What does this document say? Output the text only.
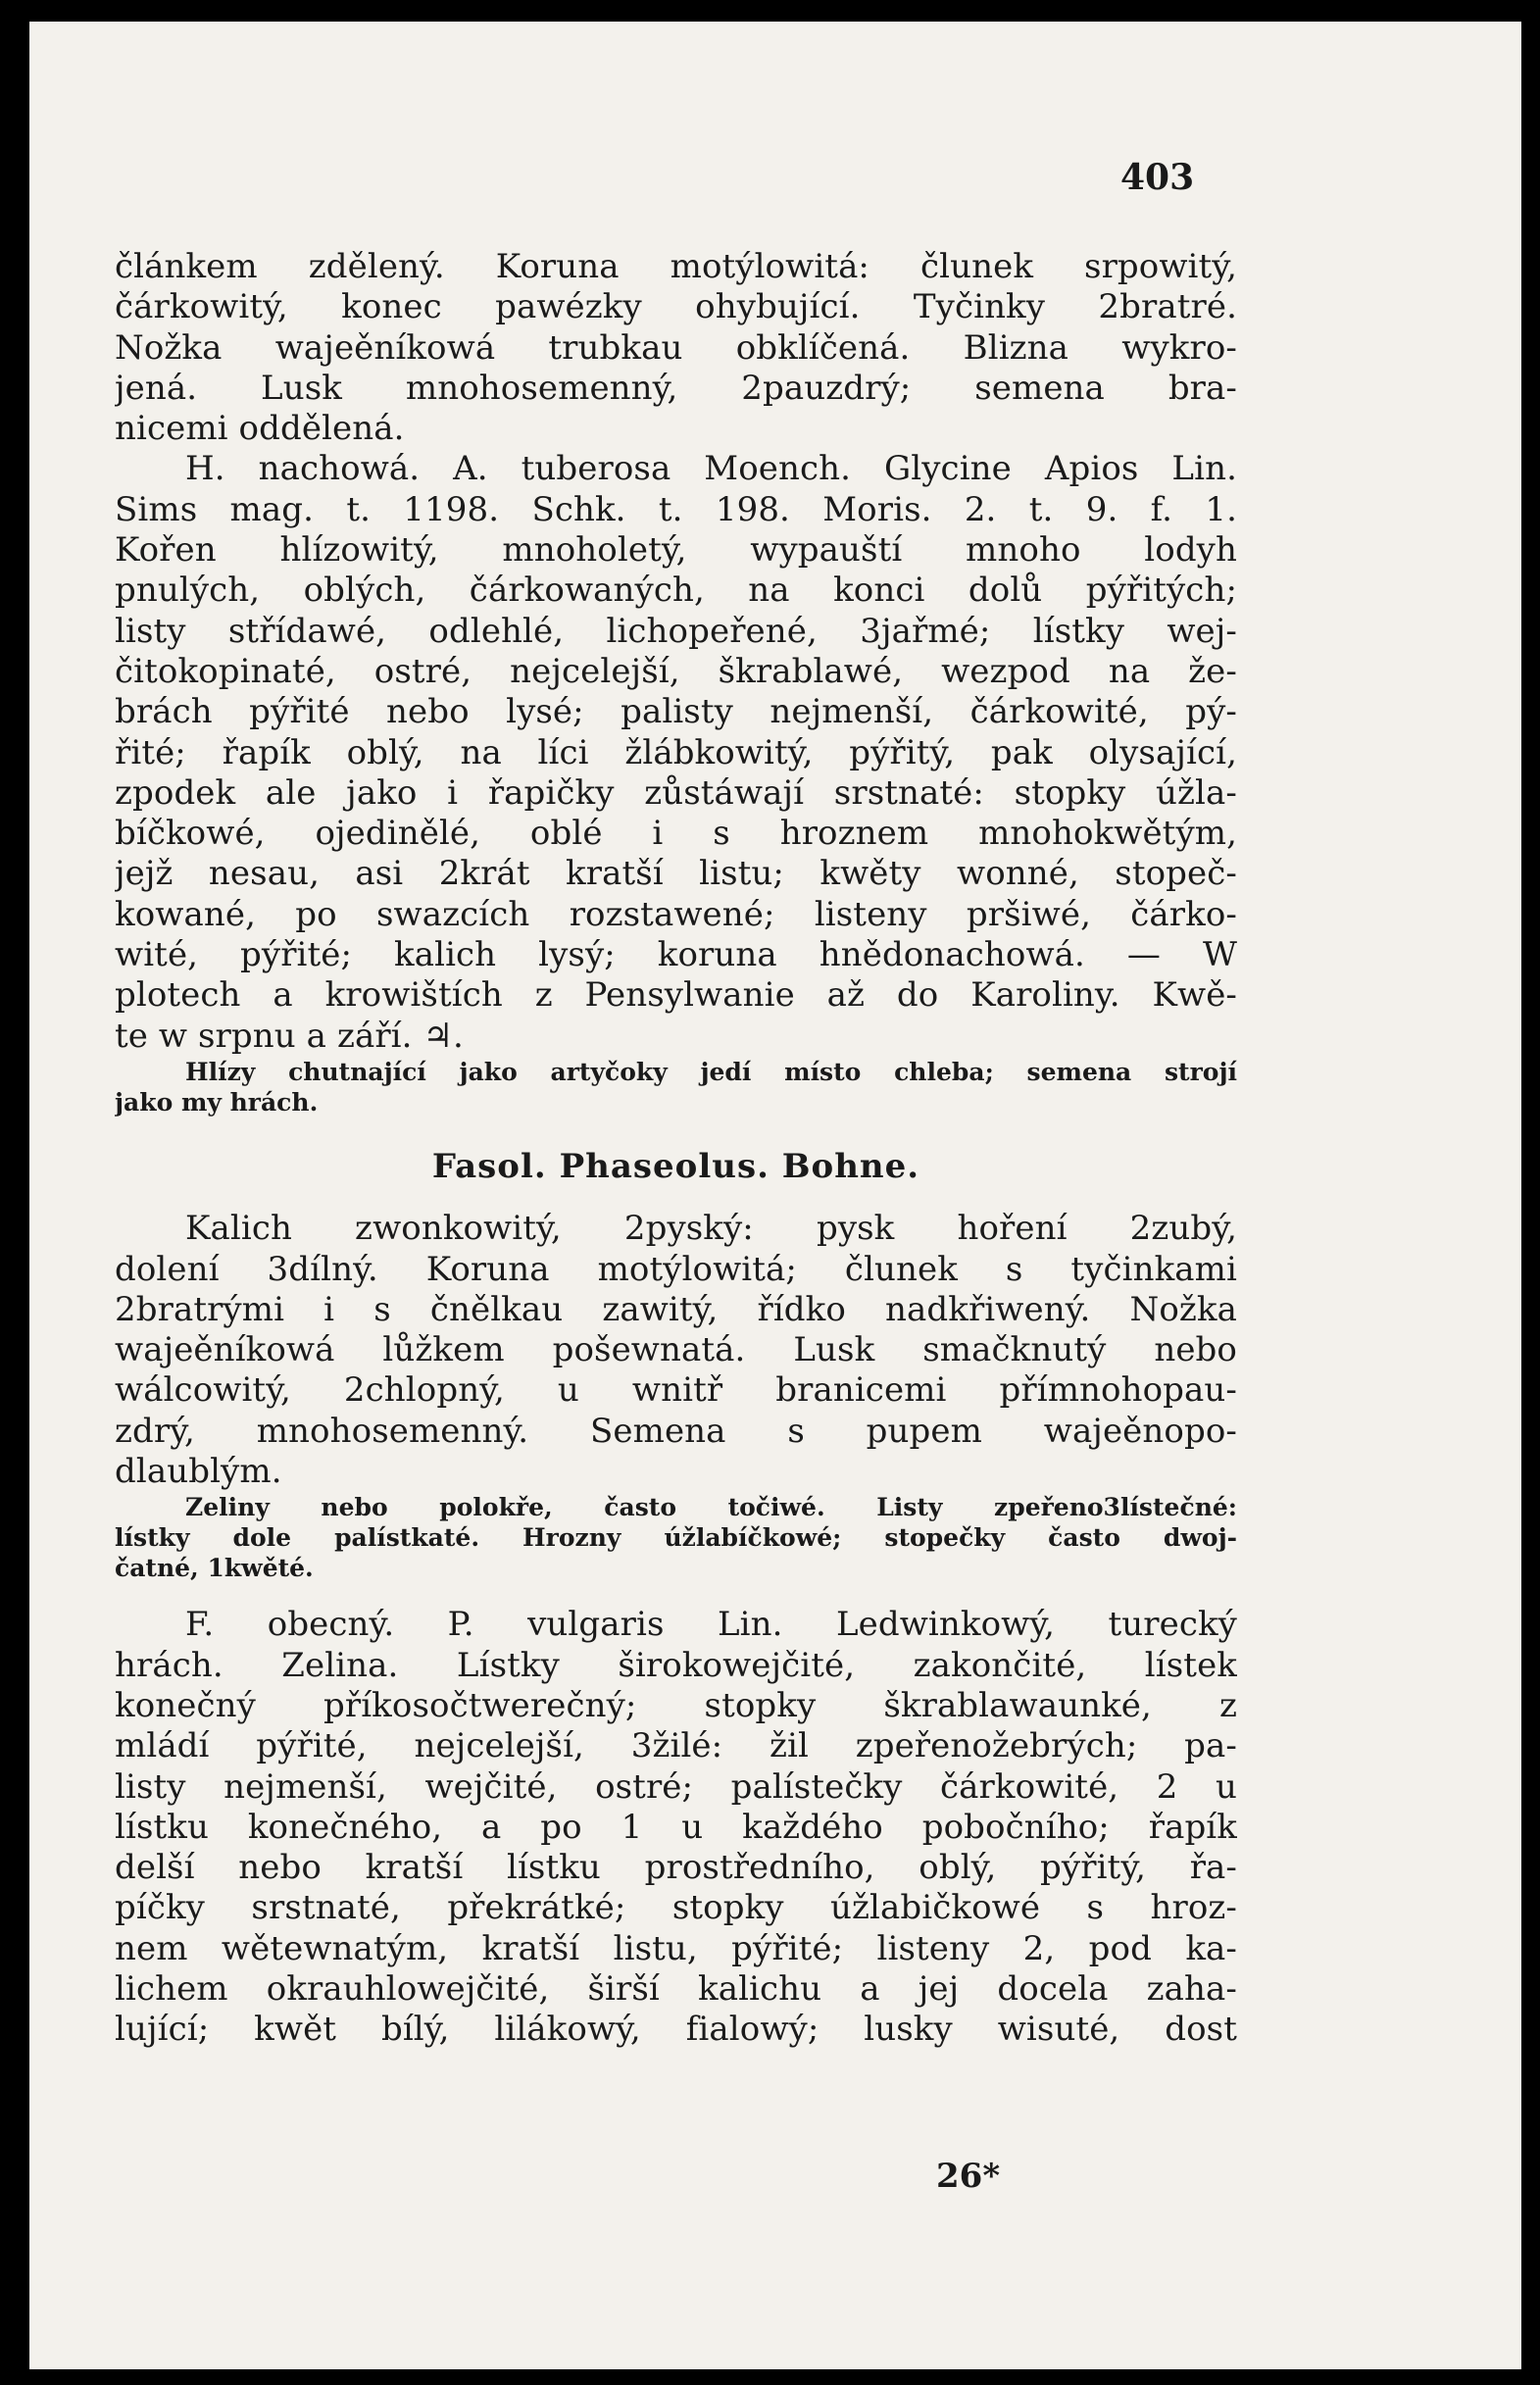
403
článkem zdělený. Koruna motýlowitá: člunek srpowitý,
čárkowitý, konec pawézky ohybující. Tyčinky 2bratré.
Nožka wajeěníkowá trubkau obklíčená. Blizna wykro-
jená. Lusk mnohosemenný, 2pauzdrý; semena bra-
nicemi oddělená.
H. nachowá. A. tuberosa Moench. Glycine Apios Lin.
Sims mag. t. 1198. Schk. t. 198. Moris. 2. t. 9. f. 1.
Kořen hlízowitý, mnoholetý, wypauští mnoho lodyh
pnulých, oblých, čárkowaných, na konci dolů pýřitých;
listy střídawé, odlehlé, lichopeřené, 3jařmé; lístky wej-
čitokopinaté, ostré, nejcelejší, škrablawé, wezpod na že-
brách pýřité nebo lysé; palisty nejmenší, čárkowité, pý-
řité; řapík oblý, na líci žlábkowitý, pýřitý, pak olysající,
zpodek ale jako i řapičky zůstáwají srstnaté: stopky úžla-
bíčkowé, ojedinělé, oblé i s hroznem mnohokwětým,
jejž nesau, asi 2krát kratší listu; kwěty wonné, stopeč-
kowané, po swazcích rozstawené; listeny pršiwé, čárko-
wité, pýřité; kalich lysý; koruna hnědonachowá. — W
plotech a krowištích z Pensylwanie až do Karoliny. Kwě-
te w srpnu a září. ♃.
Hlízy chutnající jako artyčoky jedí místo chleba; semena strojí
jako my hrách.
Fasol. Phaseolus. Bohne.
Kalich zwonkowitý, 2pyský: pysk hoření 2zubý,
dolení 3dílný. Koruna motýlowitá; člunek s tyčinkami
2bratrými i s čnělkau zawitý, řídko nadkřiwený. Nožka
wajeěníkowá lůžkem pošewnatá. Lusk smačknutý nebo
wálcowitý, 2chlopný, u wnitř branicemi přímnohopau-
zdrý, mnohosemenný. Semena s pupem wajeěnopo-
dlaublým.
Zeliny nebo polokře, často točiwé. Listy zpeřeno3lístečné:
lístky dole palístkaté. Hrozny úžlabíčkowé; stopečky často dwoj-
čatné, 1kwěté.
F. obecný. P. vulgaris Lin. Ledwinkowý, turecký
hrách. Zelina. Lístky širokowejčité, zakončité, lístek
konečný příkosočtwerečný; stopky škrablawaunké, z
mládí pýřité, nejcelejší, 3žilé: žil zpeřenožebrých; pa-
listy nejmenší, wejčité, ostré; palístečky čárkowité, 2 u
lístku konečného, a po 1 u každého pobočního; řapík
delší nebo kratší lístku prostředního, oblý, pýřitý, řa-
píčky srstnaté, překrátké; stopky úžlabičkowé s hroz-
nem wětewnatým, kratší listu, pýřité; listeny 2, pod ka-
lichem okrauhlowejčité, širší kalichu a jej docela zaha-
lující; kwět bílý, lilákowý, fialowý; lusky wisuté, dost
26*
